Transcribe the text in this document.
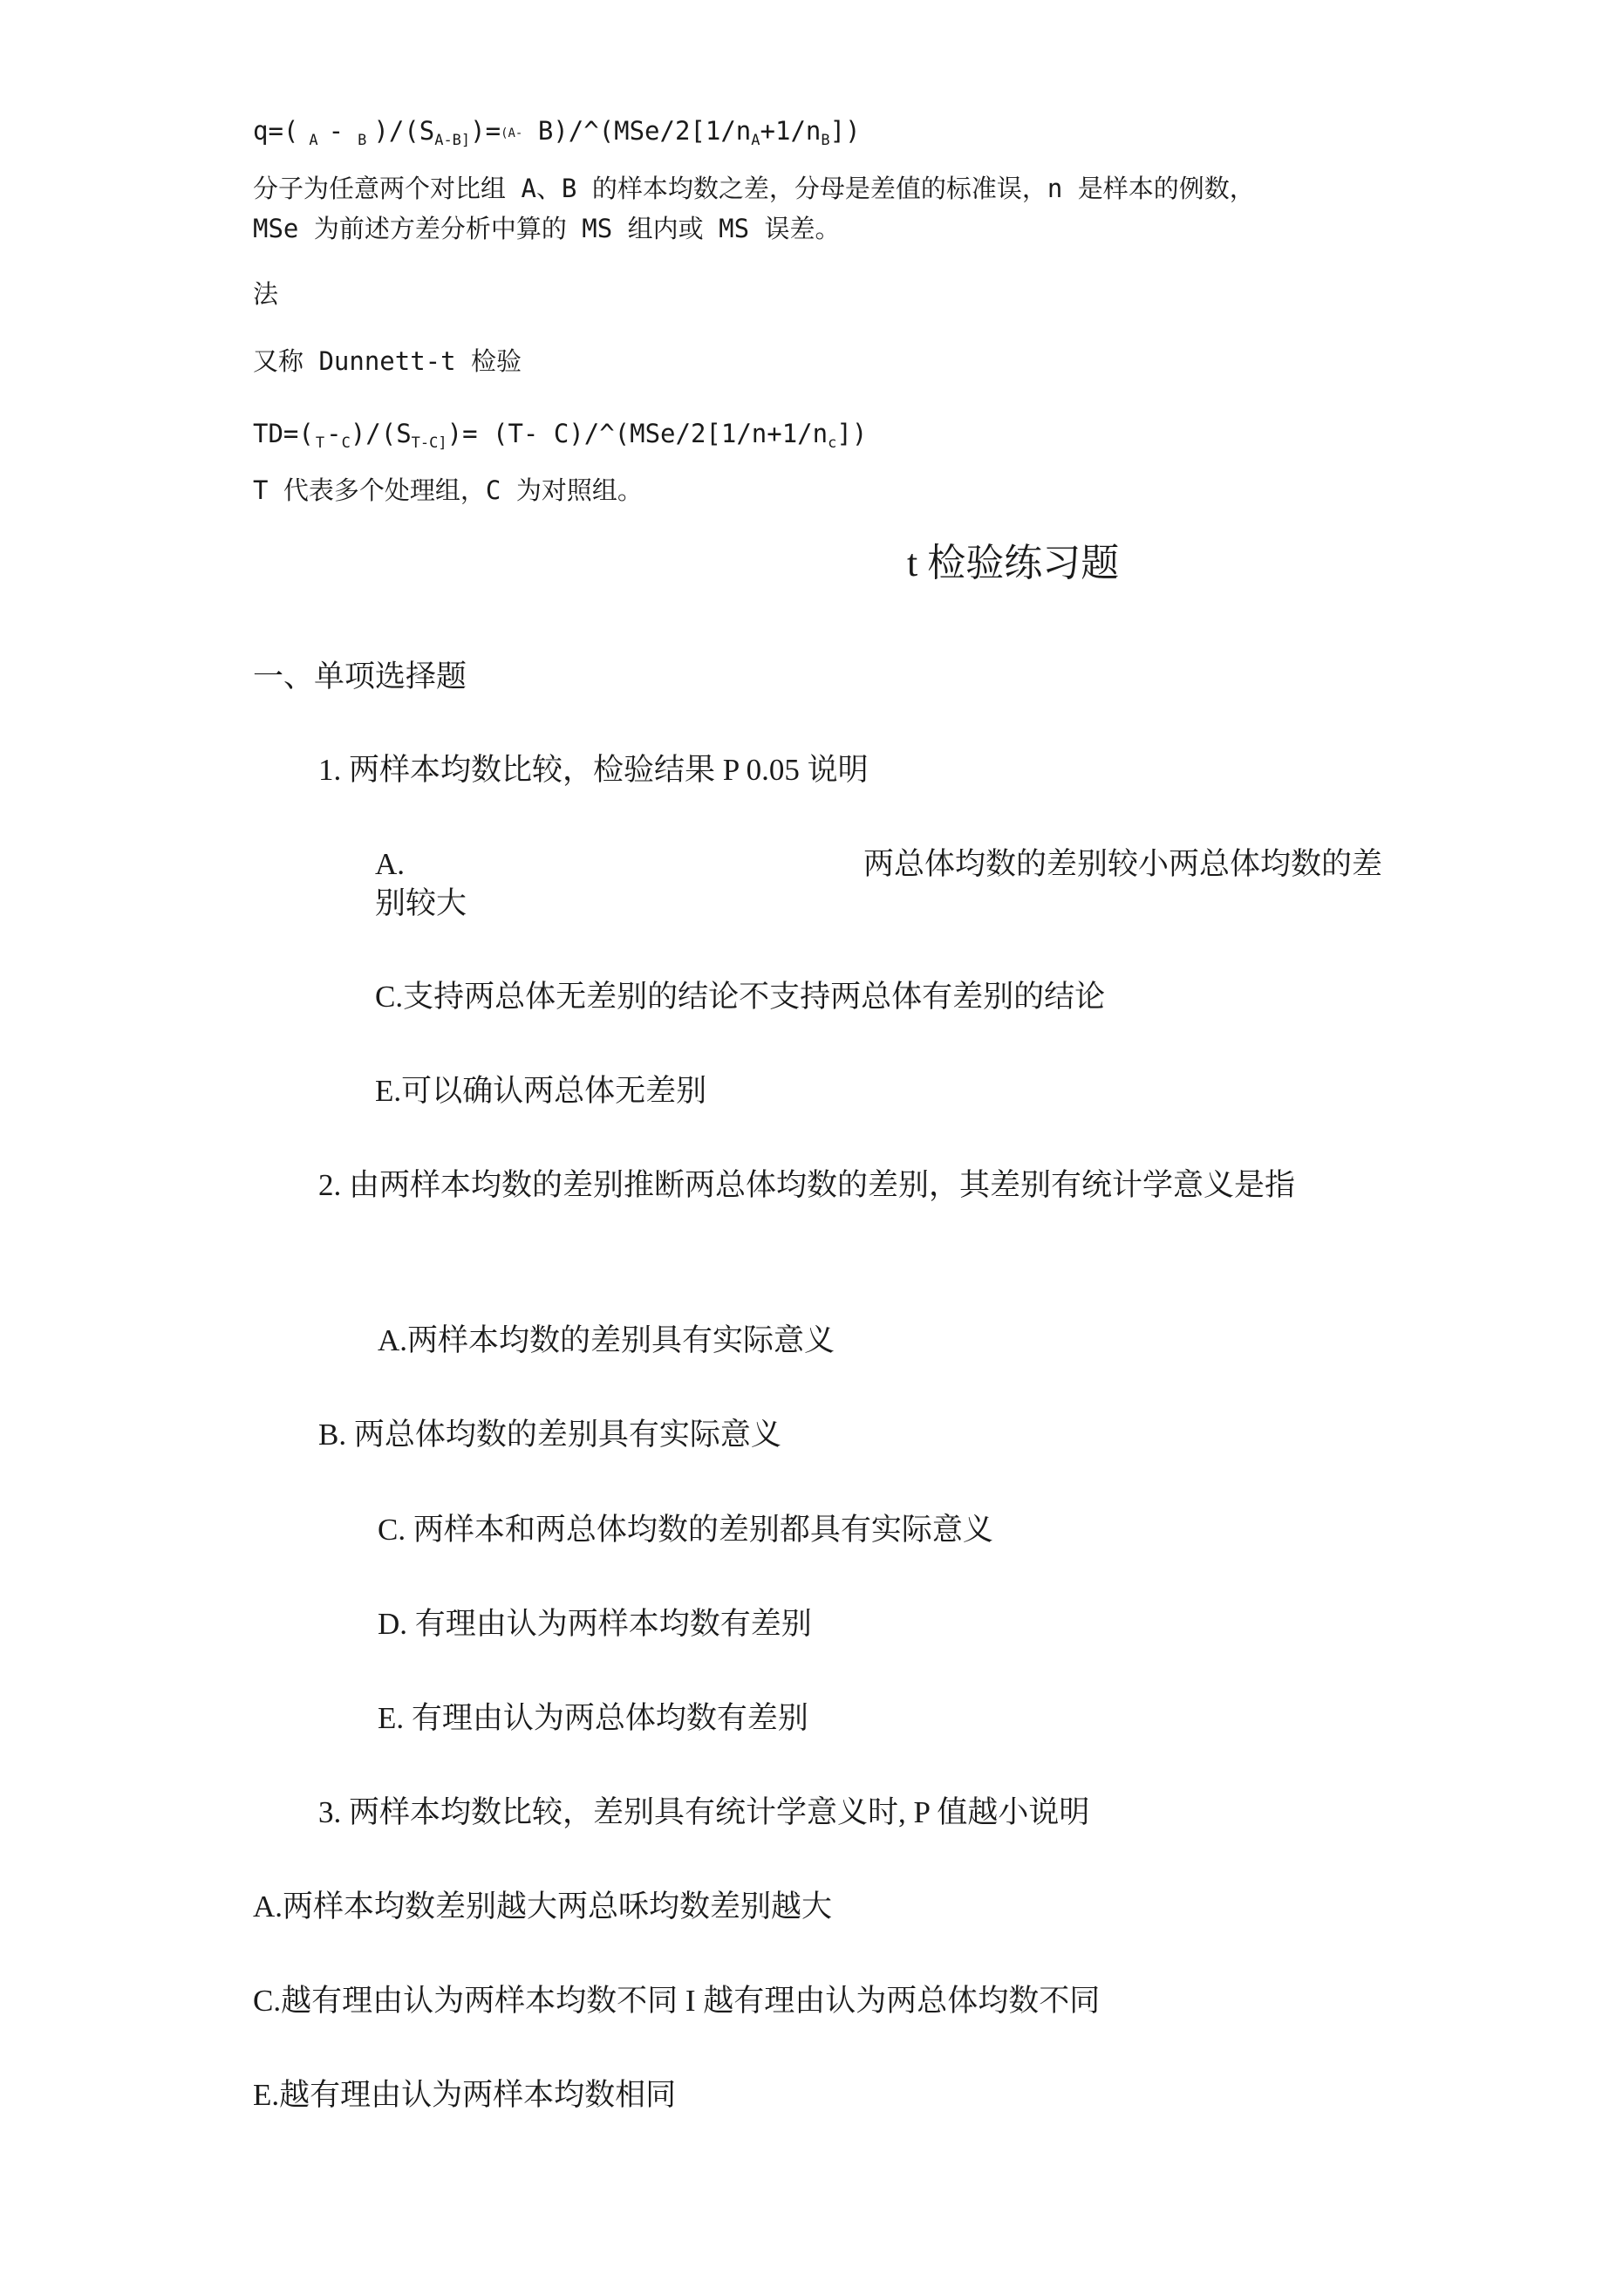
q=( $_A$ - $_B$ )$/(S_{A-B]})=(A-$ $B)/\^{}(MSe/2[1/n_A+1/n_B])$
分子为任意两个对比组 A、B 的样本均数之差，分母是差值的标准误，n 是样本的例数，
MSe 为前述方差分析中算的 MS 组内或 MS 误差。
法
又称 Dunnett-t 检验
TD=( $_T-_C)/(S_{T-C]})= (T-$ $C)/\^{}(MSe/2[1/n+1/n_c])$
T 代表多个处理组，C 为对照组。
t 检验练习题
一、单项选择题
1. 两样本均数比较，检验结果 P 0.05 说明
A.	两总体均数的差别较小两总体均数的差
别较大
C.支持两总体无差别的结论不支持两总体有差别的结论
E.可以确认两总体无差别
2. 由两样本均数的差别推断两总体均数的差别，其差别有统计学意义是指
A.两样本均数的差别具有实际意义
B. 两总体均数的差别具有实际意义
C. 两样本和两总体均数的差别都具有实际意义
D. 有理由认为两样本均数有差别
E. 有理由认为两总体均数有差别
3. 两样本均数比较，差别具有统计学意义时, P 值越小说明
A.两样本均数差别越大两总咊均数差别越大
C.越有理由认为两样本均数不同 I 越有理由认为两总体均数不同
E.越有理由认为两样本均数相同
